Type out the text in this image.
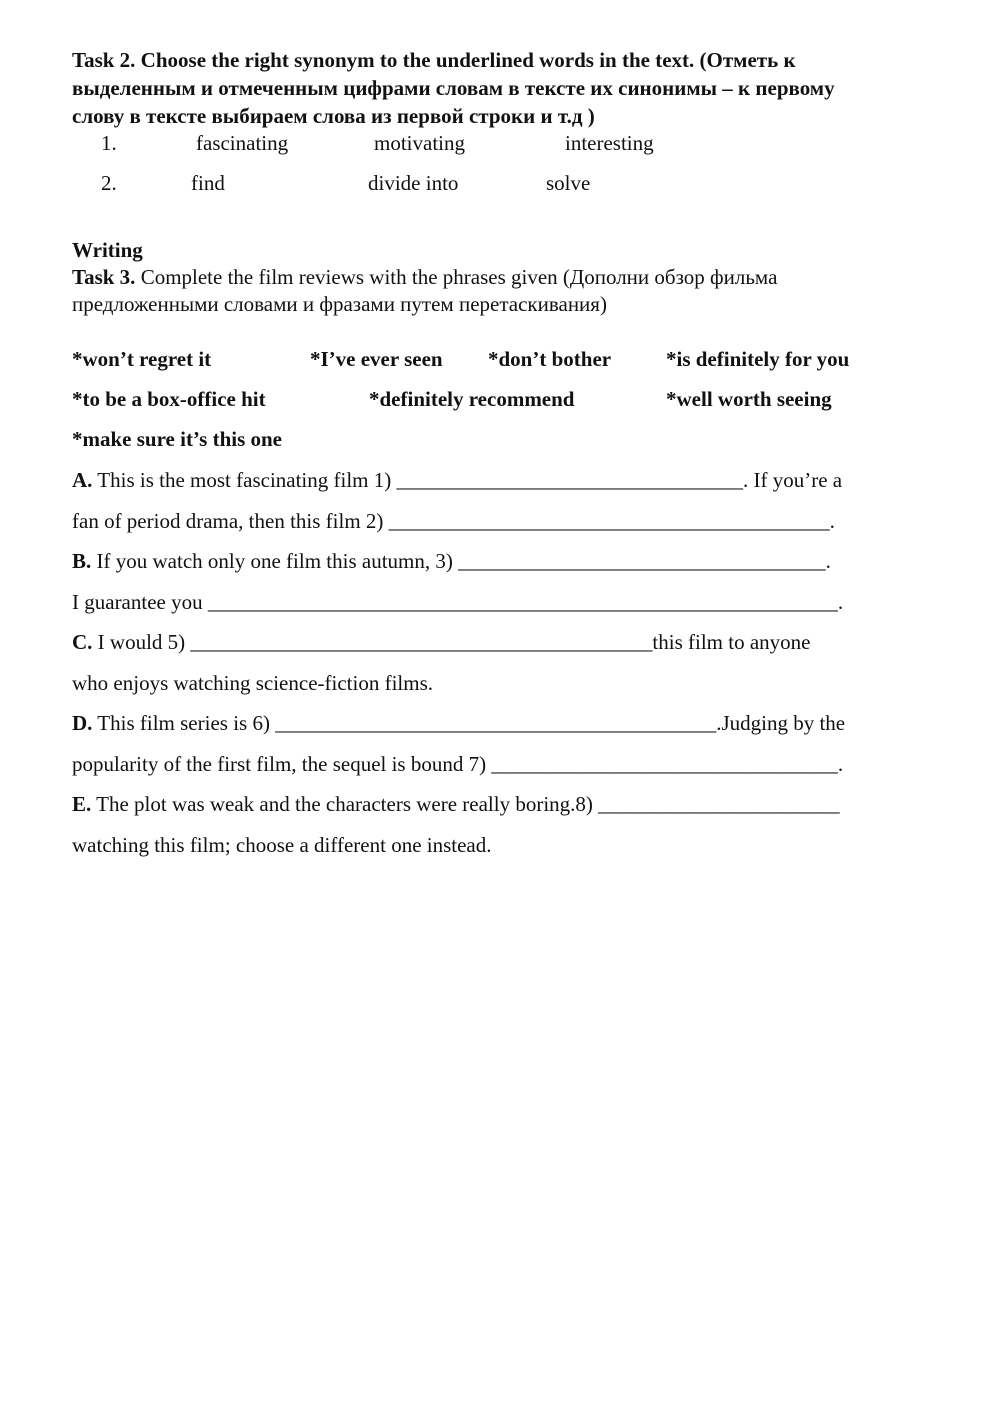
Task 2. Choose the right synonym to the underlined words in the text. (Отметь к
выделенным и отмеченным цифрами словам в тексте их синонимы – к первому
слову в тексте выбираем слова из первой строки и т.д )
1.	fascinating	motivating	interesting
2.	find	divide into	solve
Writing
Task 3. Complete the film reviews with the phrases given (Дополни обзор фильма
предложенными словами и фразами путем перетаскивания)
*won’t regret it	*I’ve ever seen *don’t bother	*is definitely for you
*to be a box-office hit	*definitely recommend	*well worth seeing
*make sure it’s this one
A. This is the most fascinating film 1) _________________________________. If you’re a
fan of period drama, then this film 2) __________________________________________.
B. If you watch only one film this autumn, 3) ___________________________________.
I guarantee you ____________________________________________________________.
C. I would 5) ____________________________________________this film to anyone
who enjoys watching science-fiction films.
D. This film series is 6) __________________________________________.Judging by the
popularity of the first film, the sequel is bound 7) _________________________________.
E. The plot was weak and the characters were really boring.8) _______________________
watching this film; choose a different one instead.
